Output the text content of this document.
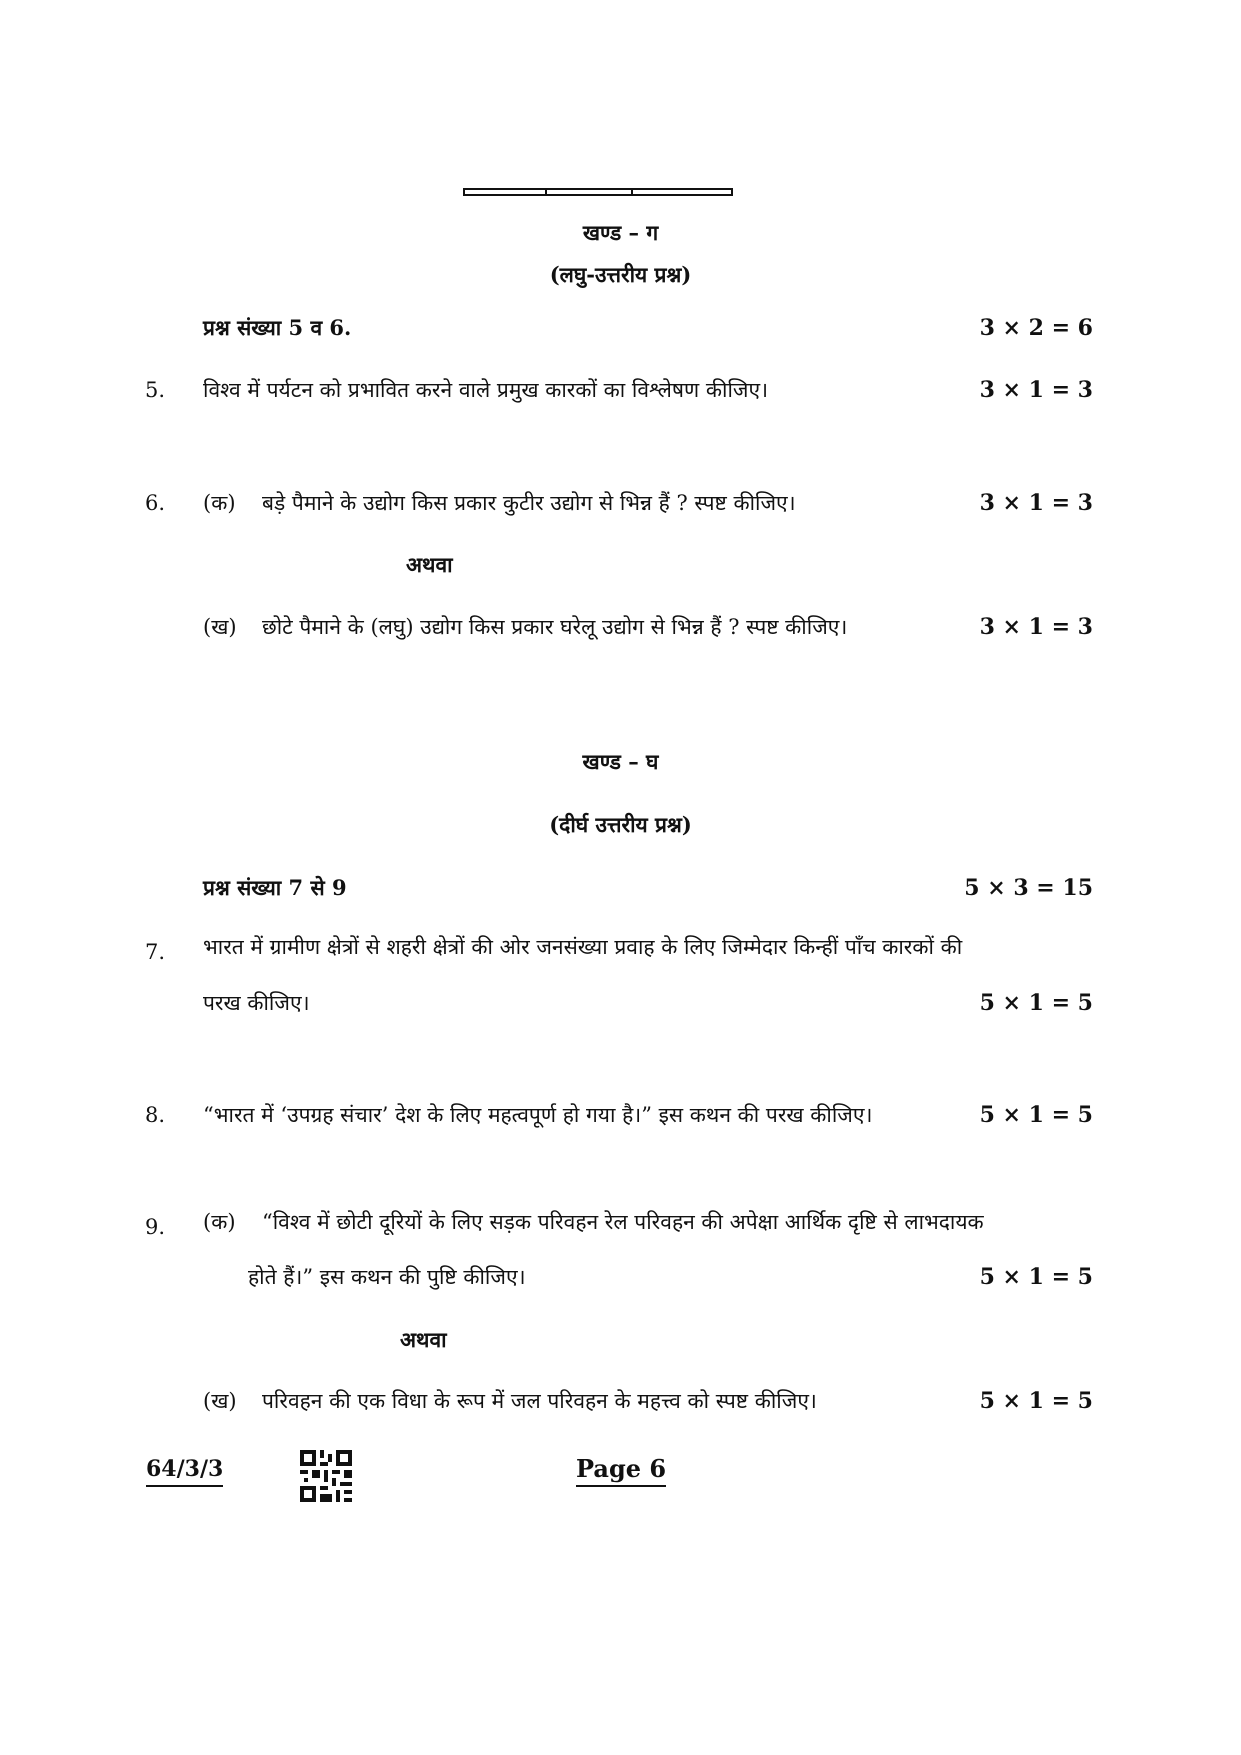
खण्ड – ग
(लघु-उत्तरीय प्रश्न)
प्रश्न संख्या 5 व 6.	3 × 2 = 6
5. विश्व में पर्यटन को प्रभावित करने वाले प्रमुख कारकों का विश्लेषण कीजिए।	3 × 1 = 3
6. (क) बड़े पैमाने के उद्योग किस प्रकार कुटीर उद्योग से भिन्न हैं ? स्पष्ट कीजिए।	3 × 1 = 3
अथवा
(ख) छोटे पैमाने के (लघु) उद्योग किस प्रकार घरेलू उद्योग से भिन्न हैं ? स्पष्ट कीजिए।	3 × 1 = 3
खण्ड – घ
(दीर्घ उत्तरीय प्रश्न)
प्रश्न संख्या 7 से 9	5 × 3 = 15
7. भारत में ग्रामीण क्षेत्रों से शहरी क्षेत्रों की ओर जनसंख्या प्रवाह के लिए जिम्मेदार किन्हीं पाँच कारकों की
परख कीजिए।	5 × 1 = 5
8. “भारत में ‘उपग्रह संचार’ देश के लिए महत्वपूर्ण हो गया है।” इस कथन की परख कीजिए।	5 × 1 = 5
9. (क) “विश्व में छोटी दूरियों के लिए सड़क परिवहन रेल परिवहन की अपेक्षा आर्थिक दृष्टि से लाभदायक
होते हैं।” इस कथन की पुष्टि कीजिए।	5 × 1 = 5
अथवा
(ख) परिवहन की एक विधा के रूप में जल परिवहन के महत्त्व को स्पष्ट कीजिए।	5 × 1 = 5
64/3/3	Page 6
